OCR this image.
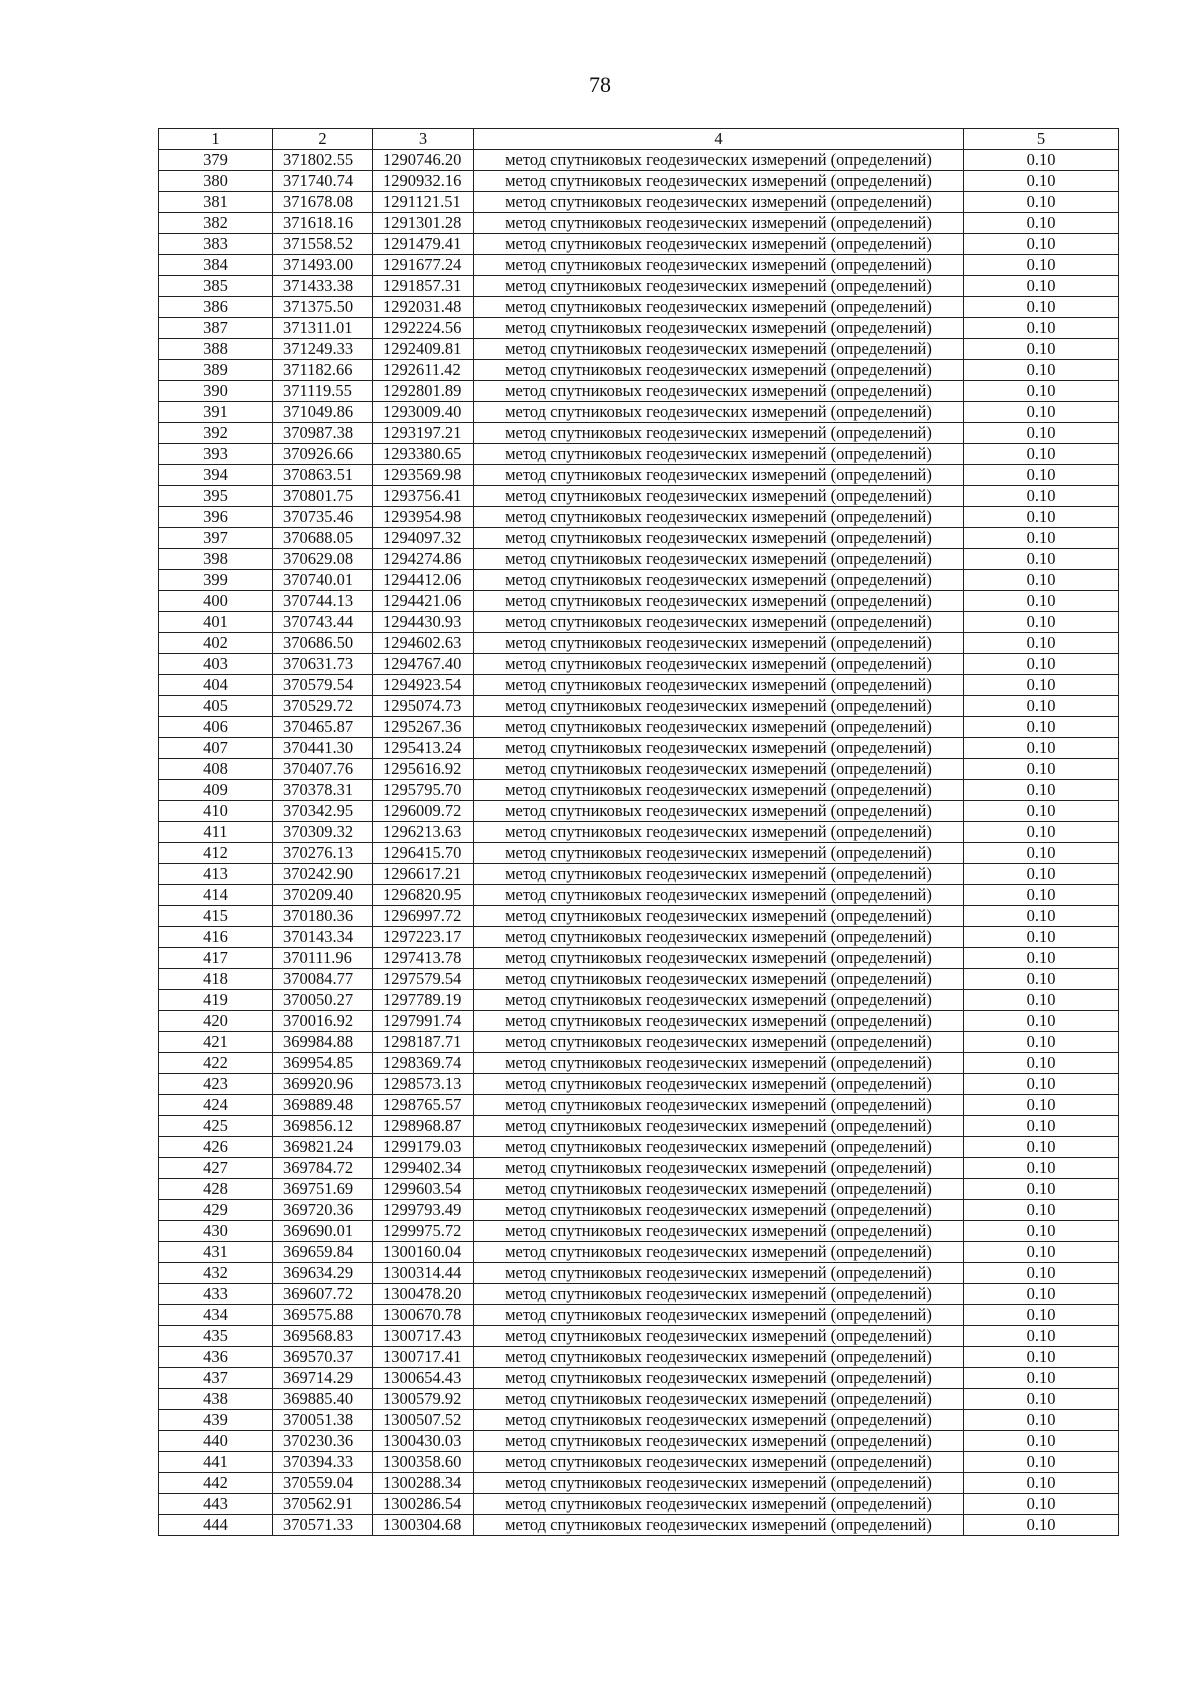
78
1	2	3	4	5
379	371802.55	1290746.20	метод спутниковых геодезических измерений (определений)	0.10
380	371740.74	1290932.16	метод спутниковых геодезических измерений (определений)	0.10
381	371678.08	1291121.51	метод спутниковых геодезических измерений (определений)	0.10
382	371618.16	1291301.28	метод спутниковых геодезических измерений (определений)	0.10
383	371558.52	1291479.41	метод спутниковых геодезических измерений (определений)	0.10
384	371493.00	1291677.24	метод спутниковых геодезических измерений (определений)	0.10
385	371433.38	1291857.31	метод спутниковых геодезических измерений (определений)	0.10
386	371375.50	1292031.48	метод спутниковых геодезических измерений (определений)	0.10
387	371311.01	1292224.56	метод спутниковых геодезических измерений (определений)	0.10
388	371249.33	1292409.81	метод спутниковых геодезических измерений (определений)	0.10
389	371182.66	1292611.42	метод спутниковых геодезических измерений (определений)	0.10
390	371119.55	1292801.89	метод спутниковых геодезических измерений (определений)	0.10
391	371049.86	1293009.40	метод спутниковых геодезических измерений (определений)	0.10
392	370987.38	1293197.21	метод спутниковых геодезических измерений (определений)	0.10
393	370926.66	1293380.65	метод спутниковых геодезических измерений (определений)	0.10
394	370863.51	1293569.98	метод спутниковых геодезических измерений (определений)	0.10
395	370801.75	1293756.41	метод спутниковых геодезических измерений (определений)	0.10
396	370735.46	1293954.98	метод спутниковых геодезических измерений (определений)	0.10
397	370688.05	1294097.32	метод спутниковых геодезических измерений (определений)	0.10
398	370629.08	1294274.86	метод спутниковых геодезических измерений (определений)	0.10
399	370740.01	1294412.06	метод спутниковых геодезических измерений (определений)	0.10
400	370744.13	1294421.06	метод спутниковых геодезических измерений (определений)	0.10
401	370743.44	1294430.93	метод спутниковых геодезических измерений (определений)	0.10
402	370686.50	1294602.63	метод спутниковых геодезических измерений (определений)	0.10
403	370631.73	1294767.40	метод спутниковых геодезических измерений (определений)	0.10
404	370579.54	1294923.54	метод спутниковых геодезических измерений (определений)	0.10
405	370529.72	1295074.73	метод спутниковых геодезических измерений (определений)	0.10
406	370465.87	1295267.36	метод спутниковых геодезических измерений (определений)	0.10
407	370441.30	1295413.24	метод спутниковых геодезических измерений (определений)	0.10
408	370407.76	1295616.92	метод спутниковых геодезических измерений (определений)	0.10
409	370378.31	1295795.70	метод спутниковых геодезических измерений (определений)	0.10
410	370342.95	1296009.72	метод спутниковых геодезических измерений (определений)	0.10
411	370309.32	1296213.63	метод спутниковых геодезических измерений (определений)	0.10
412	370276.13	1296415.70	метод спутниковых геодезических измерений (определений)	0.10
413	370242.90	1296617.21	метод спутниковых геодезических измерений (определений)	0.10
414	370209.40	1296820.95	метод спутниковых геодезических измерений (определений)	0.10
415	370180.36	1296997.72	метод спутниковых геодезических измерений (определений)	0.10
416	370143.34	1297223.17	метод спутниковых геодезических измерений (определений)	0.10
417	370111.96	1297413.78	метод спутниковых геодезических измерений (определений)	0.10
418	370084.77	1297579.54	метод спутниковых геодезических измерений (определений)	0.10
419	370050.27	1297789.19	метод спутниковых геодезических измерений (определений)	0.10
420	370016.92	1297991.74	метод спутниковых геодезических измерений (определений)	0.10
421	369984.88	1298187.71	метод спутниковых геодезических измерений (определений)	0.10
422	369954.85	1298369.74	метод спутниковых геодезических измерений (определений)	0.10
423	369920.96	1298573.13	метод спутниковых геодезических измерений (определений)	0.10
424	369889.48	1298765.57	метод спутниковых геодезических измерений (определений)	0.10
425	369856.12	1298968.87	метод спутниковых геодезических измерений (определений)	0.10
426	369821.24	1299179.03	метод спутниковых геодезических измерений (определений)	0.10
427	369784.72	1299402.34	метод спутниковых геодезических измерений (определений)	0.10
428	369751.69	1299603.54	метод спутниковых геодезических измерений (определений)	0.10
429	369720.36	1299793.49	метод спутниковых геодезических измерений (определений)	0.10
430	369690.01	1299975.72	метод спутниковых геодезических измерений (определений)	0.10
431	369659.84	1300160.04	метод спутниковых геодезических измерений (определений)	0.10
432	369634.29	1300314.44	метод спутниковых геодезических измерений (определений)	0.10
433	369607.72	1300478.20	метод спутниковых геодезических измерений (определений)	0.10
434	369575.88	1300670.78	метод спутниковых геодезических измерений (определений)	0.10
435	369568.83	1300717.43	метод спутниковых геодезических измерений (определений)	0.10
436	369570.37	1300717.41	метод спутниковых геодезических измерений (определений)	0.10
437	369714.29	1300654.43	метод спутниковых геодезических измерений (определений)	0.10
438	369885.40	1300579.92	метод спутниковых геодезических измерений (определений)	0.10
439	370051.38	1300507.52	метод спутниковых геодезических измерений (определений)	0.10
440	370230.36	1300430.03	метод спутниковых геодезических измерений (определений)	0.10
441	370394.33	1300358.60	метод спутниковых геодезических измерений (определений)	0.10
442	370559.04	1300288.34	метод спутниковых геодезических измерений (определений)	0.10
443	370562.91	1300286.54	метод спутниковых геодезических измерений (определений)	0.10
444	370571.33	1300304.68	метод спутниковых геодезических измерений (определений)	0.10
